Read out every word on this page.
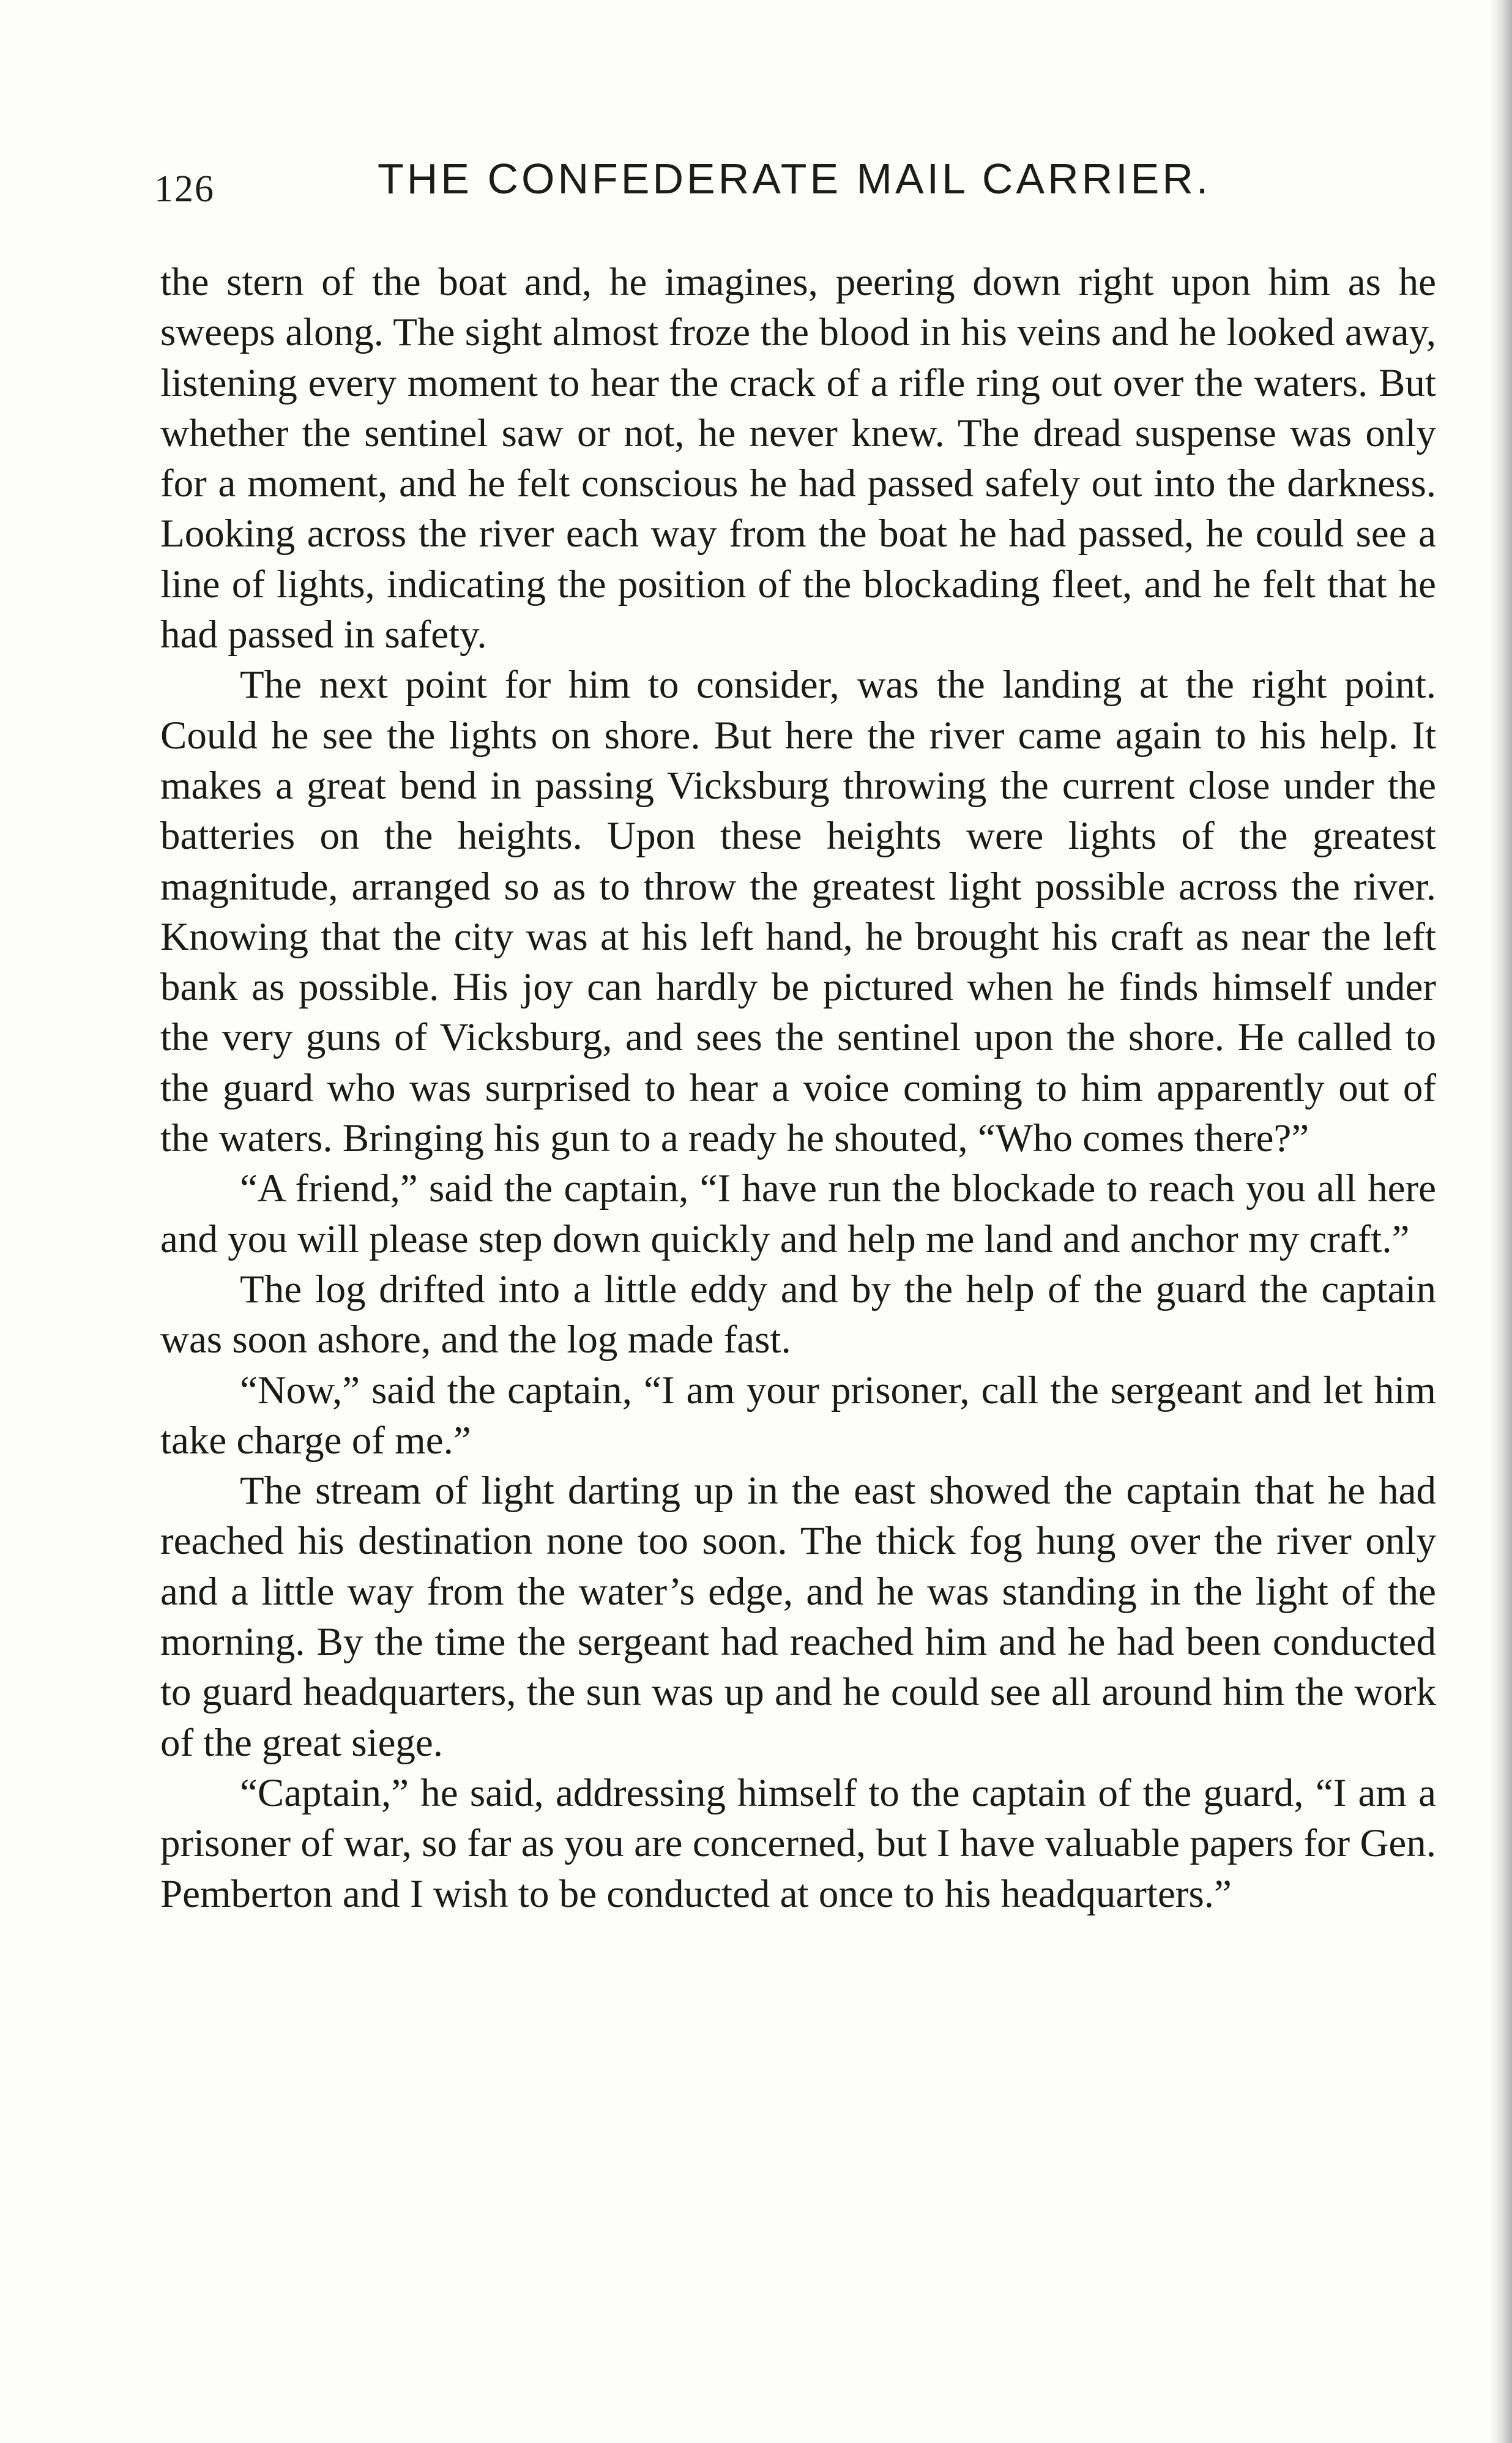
126	THE CONFEDERATE MAIL CARRIER.

the stern of the boat and, he imagines, peering down right upon him as he sweeps along. The sight almost froze the blood in his veins and he looked away, listening every moment to hear the crack of a rifle ring out over the waters. But whether the sentinel saw or not, he never knew. The dread suspense was only for a moment, and he felt conscious he had passed safely out into the darkness. Looking across the river each way from the boat he had passed, he could see a line of lights, indicating the position of the blockading fleet, and he felt that he had passed in safety.

The next point for him to consider, was the landing at the right point. Could he see the lights on shore. But here the river came again to his help. It makes a great bend in passing Vicksburg throwing the current close under the batteries on the heights. Upon these heights were lights of the greatest magnitude, arranged so as to throw the greatest light possible across the river. Knowing that the city was at his left hand, he brought his craft as near the left bank as possible. His joy can hardly be pictured when he finds himself under the very guns of Vicksburg, and sees the sentinel upon the shore. He called to the guard who was surprised to hear a voice coming to him apparently out of the waters. Bringing his gun to a ready he shouted, “Who comes there?”

“A friend,” said the captain, “I have run the blockade to reach you all here and you will please step down quickly and help me land and anchor my craft.”

The log drifted into a little eddy and by the help of the guard the captain was soon ashore, and the log made fast.

“Now,” said the captain, “I am your prisoner, call the sergeant and let him take charge of me.”

The stream of light darting up in the east showed the captain that he had reached his destination none too soon. The thick fog hung over the river only and a little way from the water’s edge, and he was standing in the light of the morning. By the time the sergeant had reached him and he had been conducted to guard headquarters, the sun was up and he could see all around him the work of the great siege.

“Captain,” he said, addressing himself to the captain of the guard, “I am a prisoner of war, so far as you are concerned, but I have valuable papers for Gen. Pemberton and I wish to be conducted at once to his headquarters.”
